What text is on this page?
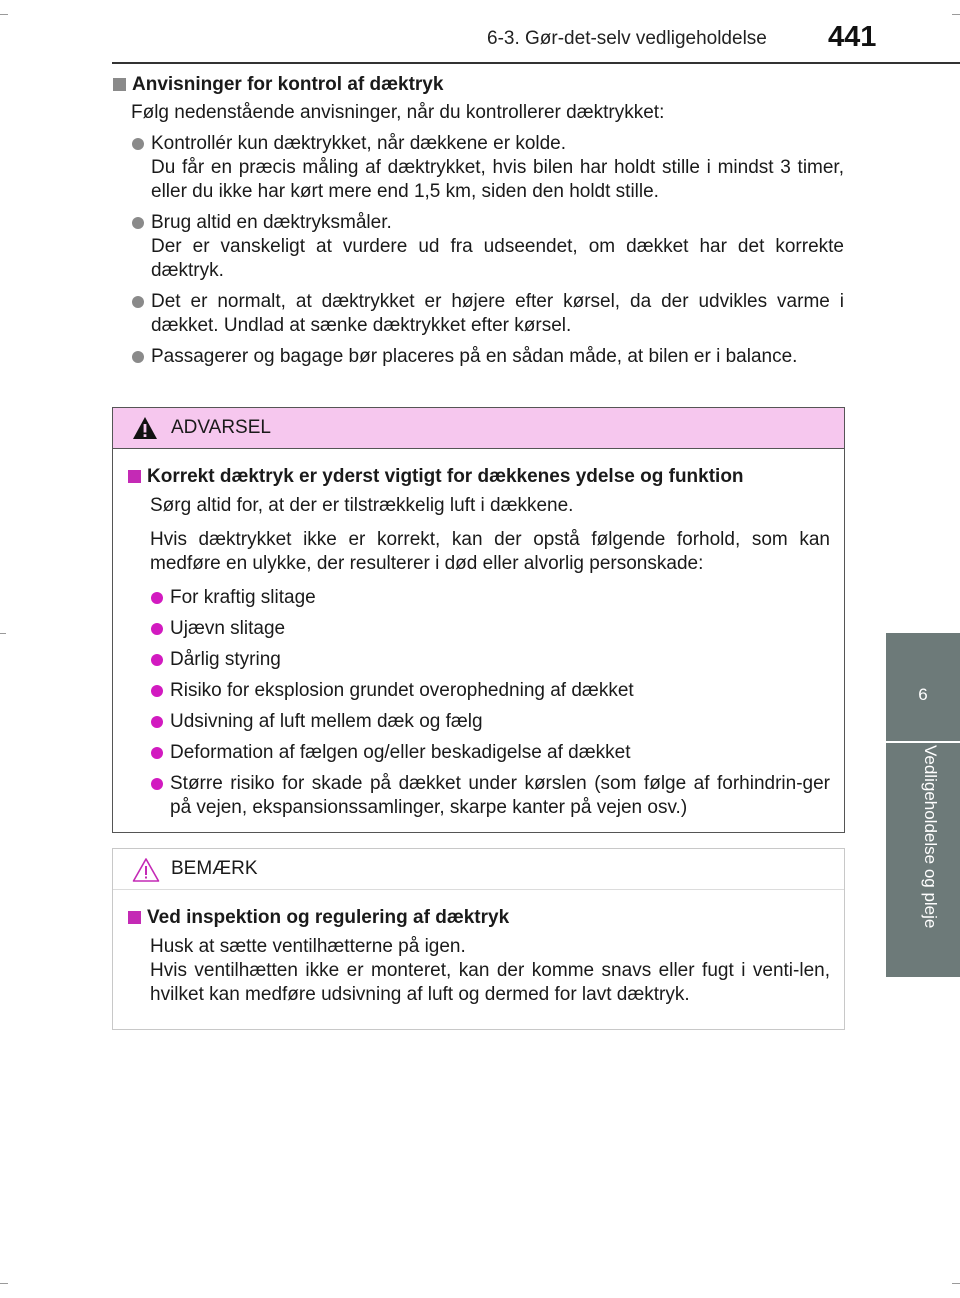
6-3. Gør-det-selv vedligeholdelse 441
6
Vedligeholdelse og pleje
Anvisninger for kontrol af dæktryk
Følg nedenstående anvisninger, når du kontrollerer dæktrykket:
Kontrollér kun dæktrykket, når dækkene er kolde.
Du får en præcis måling af dæktrykket, hvis bilen har holdt stille i mindst 3 timer, eller du ikke har kørt mere end 1,5 km, siden den holdt stille.
Brug altid en dæktryksmåler.
Der er vanskeligt at vurdere ud fra udseendet, om dækket har det korrekte dæktryk.
Det er normalt, at dæktrykket er højere efter kørsel, da der udvikles varme i dækket. Undlad at sænke dæktrykket efter kørsel.
Passagerer og bagage bør placeres på en sådan måde, at bilen er i balance.
ADVARSEL
Korrekt dæktryk er yderst vigtigt for dækkenes ydelse og funktion
Sørg altid for, at der er tilstrækkelig luft i dækkene.
Hvis dæktrykket ikke er korrekt, kan der opstå følgende forhold, som kan medføre en ulykke, der resulterer i død eller alvorlig personskade:
For kraftig slitage
Ujævn slitage
Dårlig styring
Risiko for eksplosion grundet overophedning af dækket
Udsivning af luft mellem dæk og fælg
Deformation af fælgen og/eller beskadigelse af dækket
Større risiko for skade på dækket under kørslen (som følge af forhindrin-ger på vejen, ekspansionssamlinger, skarpe kanter på vejen osv.)
BEMÆRK
Ved inspektion og regulering af dæktryk
Husk at sætte ventilhætterne på igen.
Hvis ventilhætten ikke er monteret, kan der komme snavs eller fugt i venti-len, hvilket kan medføre udsivning af luft og dermed for lavt dæktryk.
